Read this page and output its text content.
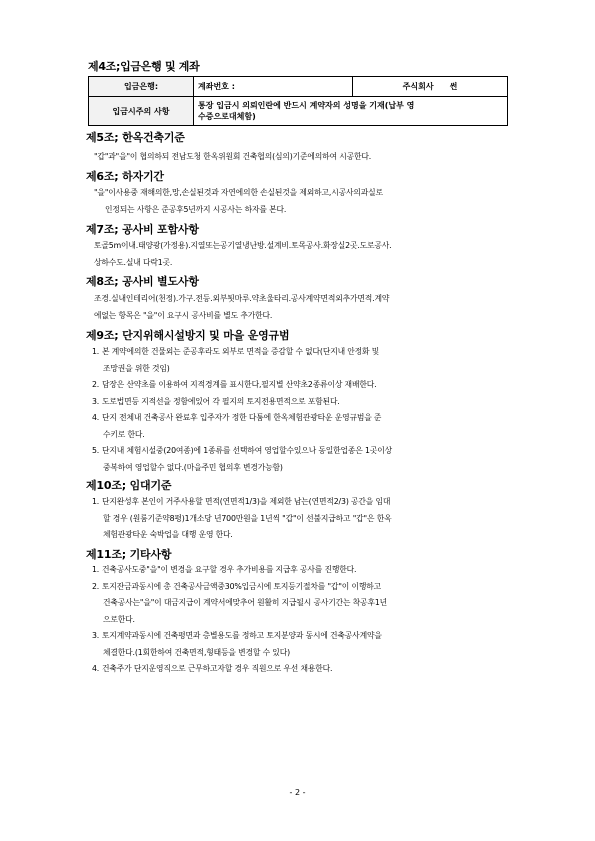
제4조;입금은행 및 계좌
입금은행:	계좌번호 :	주식회사 썬
입금시주의 사항	통장 입금시 의뢰인란에 반드시 계약자의 성명을 기재(납부 영
수증으로대체함)	
제5조; 한옥건축기준
"갑"과"을"이 협의하되 전남도청 한옥위원회 건축협의(심의)기준에의하여 시공한다.
제6조; 하자기간
"을"이사용중 재해의한,망,손실된것과 자연에의한 손실된것을 제외하고,시공사의과실로
인정되는 사항은 준공후5년까지 시공사는 하자를 본다.
제7조; 공사비 포함사항
토골5m이내.태양광(가정용).지열또는공기열냉난방.설계비.토목공사.화장실2곳.도로공사.
상하수도.실내 다락1곳.
제8조; 공사비 별도사항
조경.실내인테리어(천정).가구.전등.외부툇마루.약초울타리.공사계약면적외추가면적.계약
에없는 항목은 "을"이 요구시 공사비를 별도 추가한다.
제9조; 단지위해시설방지 및 마을 운영규범
1. 본 계약에의한 건물외는 준공후라도 외부로 면적을 증감할 수 없다(단지내 안정화 및
조망권을 위한 것임)
2. 담장은 산약초를 이용하여 지적경계를 표시한다,필지별 산약초2종류이상 재배한다.
3. 도로법면등 지적선을 정함에있어 각 필지의 토지전용면적으로 포함된다.
4. 단지 전체내 건축공사 완료후 입주자가 정한 다툼에 한옥체험관광타운 운영규범을 준
수키로 한다.
5. 단지내 체험시설중(20여종)에 1종류를 선택하여 영업할수있으나 동일한업종은 1곳이상
중복하여 영업할수 없다.(마을주민 협의후 변경가능함)
제10조; 임대기준
1. 단지완성후 본인이 거주사용할 면적(연면적1/3)을 제외한 남는(연면적2/3) 공간을 임대
할 경우 (원룸기준약8평)1개소당 년700만원을 1년씩 "갑"이 선불지급하고 "갑"은 한옥
체험관광타운 숙박업을 대행 운영 한다.
제11조; 기타사항
1. 건축공사도중"을"이 변경을 요구할 경우 추가비용를 지급후 공사를 진행한다.
2. 토지잔금과동시에 총 건축공사금액중30%입금시에 토지등기절차를 "갑"이 이행하고
건축공사는"을"이 대금지급이 계약서에맞추어 원활히 지급될시 공사기간는 착공후1년
으로한다.
3. 토지계약과동시에 건축평면과 층별용도를 정하고 토지분양과 동시에 건축공사계약을
체결한다.(1회한하여 건축면적,형태등을 변경할 수 있다)
4. 건축주가 단지운영직으로 근무하고자할 경우 직원으로 우선 채용한다.
- 2 -
